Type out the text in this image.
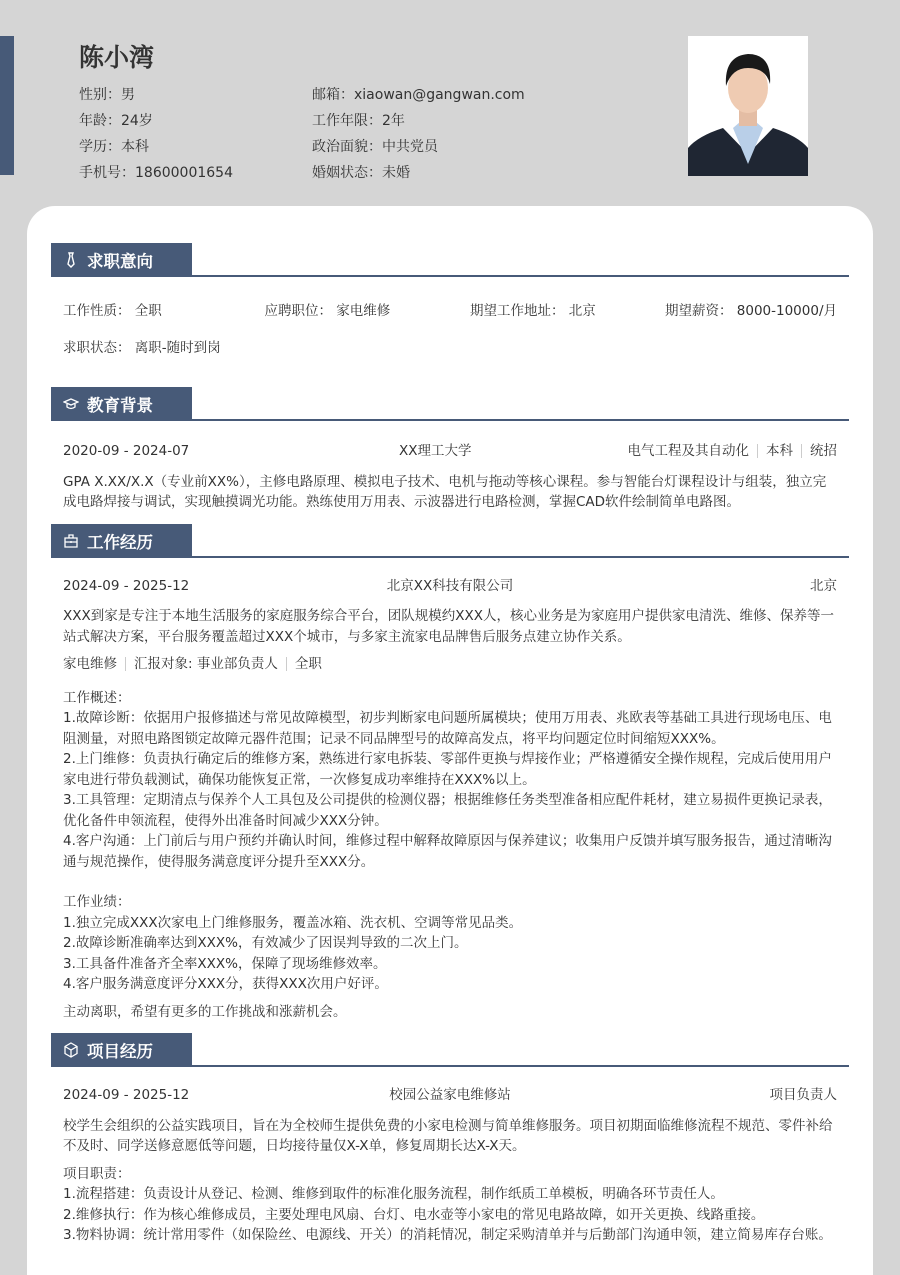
陈小湾
性别：男
年龄：24岁
学历：本科
手机号：18600001654
邮箱：xiaowan@gangwan.com
工作年限：2年
政治面貌：中共党员
婚姻状态：未婚
求职意向
工作性质： 全职	应聘职位： 家电维修	期望工作地址： 北京	期望薪资： 8000-10000/月
求职状态： 离职-随时到岗
教育背景
2020-09 - 2024-07	XX理工大学	电气工程及其自动化 本科 统招

GPA X.XX/X.X（专业前XX%），主修电路原理、模拟电子技术、电机与拖动等核心课程。参与智能台灯课程设计与组装，独立完成电路焊接与调试，实现触摸调光功能。熟练使用万用表、示波器进行电路检测，掌握CAD软件绘制简单电路图。

工作经历
2024-09 - 2025-12	北京XX科技有限公司	北京

XXX到家是专注于本地生活服务的家庭服务综合平台，团队规模约XXX人，核心业务是为家庭用户提供家电清洗、维修、保养等一站式解决方案，平台服务覆盖超过XXX个城市，与多家主流家电品牌售后服务点建立协作关系。

家电维修 汇报对象: 事业部负责人 全职

工作概述：

1.故障诊断：依据用户报修描述与常见故障模型，初步判断家电问题所属模块；使用万用表、兆欧表等基础工具进行现场电压、电阻测量，对照电路图锁定故障元器件范围；记录不同品牌型号的故障高发点，将平均问题定位时间缩短XXX%。

2.上门维修：负责执行确定后的维修方案，熟练进行家电拆装、零部件更换与焊接作业；严格遵循安全操作规程，完成后使用用户家电进行带负载测试，确保功能恢复正常，一次修复成功率维持在XXX%以上。

3.工具管理：定期清点与保养个人工具包及公司提供的检测仪器；根据维修任务类型准备相应配件耗材，建立易损件更换记录表，优化备件申领流程，使得外出准备时间减少XXX分钟。

4.客户沟通：上门前后与用户预约并确认时间，维修过程中解释故障原因与保养建议；收集用户反馈并填写服务报告，通过清晰沟通与规范操作，使得服务满意度评分提升至XXX分。

工作业绩：

1.独立完成XXX次家电上门维修服务，覆盖冰箱、洗衣机、空调等常见品类。

2.故障诊断准确率达到XXX%，有效减少了因误判导致的二次上门。

3.工具备件准备齐全率XXX%，保障了现场维修效率。

4.客户服务满意度评分XXX分，获得XXX次用户好评。

主动离职，希望有更多的工作挑战和涨薪机会。

项目经历
2024-09 - 2025-12	校园公益家电维修站	项目负责人

校学生会组织的公益实践项目，旨在为全校师生提供免费的小家电检测与简单维修服务。项目初期面临维修流程不规范、零件补给不及时、同学送修意愿低等问题，日均接待量仅X-X单，修复周期长达X-X天。

项目职责：

1.流程搭建：负责设计从登记、检测、维修到取件的标准化服务流程，制作纸质工单模板，明确各环节责任人。

2.维修执行：作为核心维修成员，主要处理电风扇、台灯、电水壶等小家电的常见电路故障，如开关更换、线路重接。

3.物料协调：统计常用零件（如保险丝、电源线、开关）的消耗情况，制定采购清单并与后勤部门沟通申领，建立简易库存台账。
